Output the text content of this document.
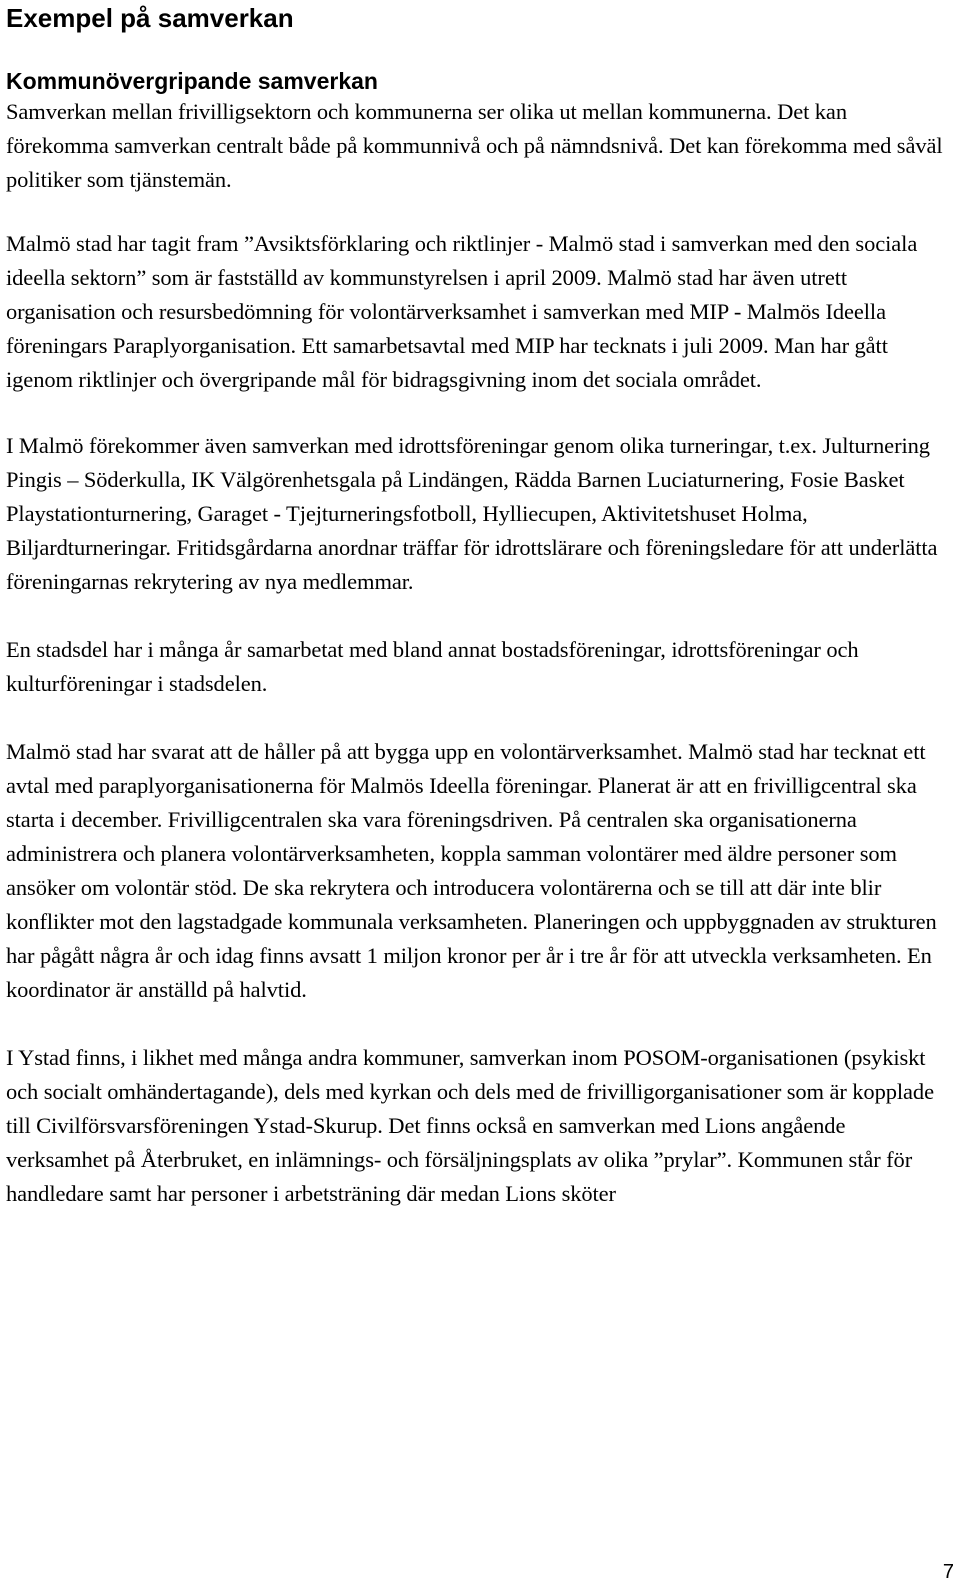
Exempel på samverkan
Kommunövergripande samverkan

Samverkan mellan frivilligsektorn och kommunerna ser olika ut mellan kommunerna. Det kan förekomma samverkan centralt både på kommunnivå och på nämndsnivå. Det kan förekomma med såväl politiker som tjänstemän.

Malmö stad har tagit fram ”Avsiktsförklaring och riktlinjer - Malmö stad i samverkan med den sociala ideella sektorn” som är fastställd av kommunstyrelsen i april 2009. Malmö stad har även utrett organisation och resursbedömning för volontärverksamhet i samverkan med MIP - Malmös Ideella föreningars Paraplyorganisation. Ett samarbetsavtal med MIP har tecknats i juli 2009. Man har gått igenom riktlinjer och övergripande mål för bidragsgivning inom det sociala området.

I Malmö förekommer även samverkan med idrottsföreningar genom olika turneringar, t.ex. Julturnering Pingis – Söderkulla, IK Välgörenhetsgala på Lindängen, Rädda Barnen Luciaturnering, Fosie Basket Playstationturnering, Garaget - Tjejturneringsfotboll, Hylliecupen, Aktivitetshuset Holma, Biljardturneringar. Fritidsgårdarna anordnar träffar för idrottslärare och föreningsledare för att underlätta föreningarnas rekrytering av nya medlemmar.

En stadsdel har i många år samarbetat med bland annat bostadsföreningar, idrottsföreningar och kulturföreningar i stadsdelen.

Malmö stad har svarat att de håller på att bygga upp en volontärverksamhet. Malmö stad har tecknat ett avtal med paraplyorganisationerna för Malmös Ideella föreningar. Planerat är att en frivilligcentral ska starta i december. Frivilligcentralen ska vara föreningsdriven. På centralen ska organisationerna administrera och planera volontärverksamheten, koppla samman volontärer med äldre personer som ansöker om volontär stöd. De ska rekrytera och introducera volontärerna och se till att där inte blir konflikter mot den lagstadgade kommunala verksamheten. Planeringen och uppbyggnaden av strukturen har pågått några år och idag finns avsatt 1 miljon kronor per år i tre år för att utveckla verksamheten. En koordinator är anställd på halvtid.

I Ystad finns, i likhet med många andra kommuner, samverkan inom POSOM-organisationen (psykiskt och socialt omhändertagande), dels med kyrkan och dels med de frivilligorganisationer som är kopplade till Civilförsvarsföreningen Ystad-Skurup. Det finns också en samverkan med Lions angående verksamhet på Återbruket, en inlämnings- och försäljningsplats av olika ”prylar”. Kommunen står för handledare samt har personer i arbetsträning där medan Lions sköter

7
